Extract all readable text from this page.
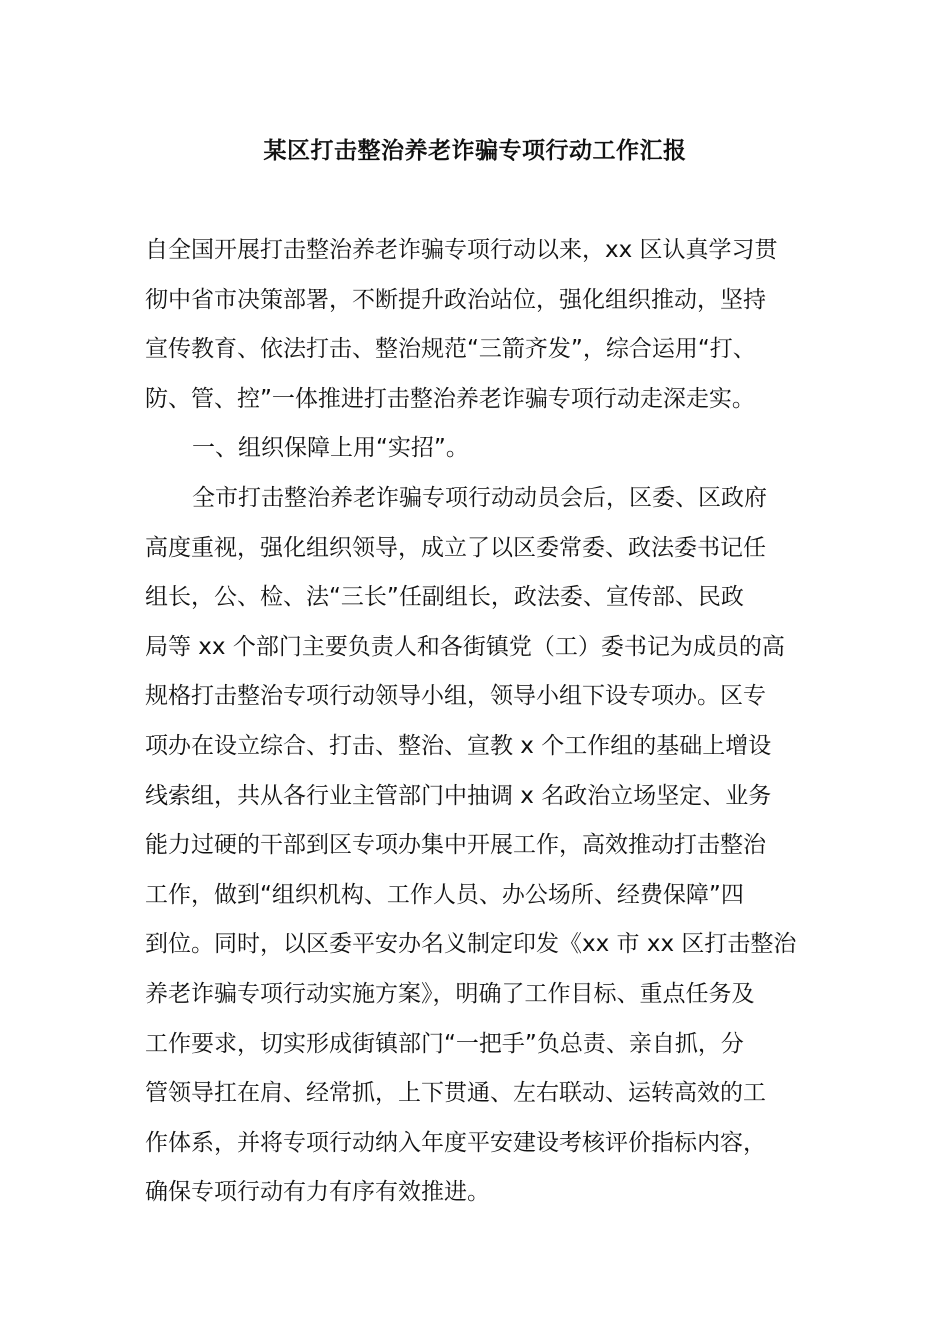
某区打击整治养老诈骗专项行动工作汇报
自全国开展打击整治养老诈骗专项行动以来，xx 区认真学习贯
彻中省市决策部署，不断提升政治站位，强化组织推动，坚持
宣传教育、依法打击、整治规范“三箭齐发”，综合运用“打、
防、管、控”一体推进打击整治养老诈骗专项行动走深走实。
一、组织保障上用“实招”。
全市打击整治养老诈骗专项行动动员会后，区委、区政府
高度重视，强化组织领导，成立了以区委常委、政法委书记任
组长，公、检、法“三长”任副组长，政法委、宣传部、民政
局等 xx 个部门主要负责人和各街镇党（工）委书记为成员的高
规格打击整治专项行动领导小组，领导小组下设专项办。区专
项办在设立综合、打击、整治、宣教 x 个工作组的基础上增设
线索组，共从各行业主管部门中抽调 x 名政治立场坚定、业务
能力过硬的干部到区专项办集中开展工作，高效推动打击整治
工作，做到“组织机构、工作人员、办公场所、经费保障”四
到位。同时，以区委平安办名义制定印发《xx 市 xx 区打击整治
养老诈骗专项行动实施方案》，明确了工作目标、重点任务及
工作要求，切实形成街镇部门“一把手”负总责、亲自抓，分
管领导扛在肩、经常抓，上下贯通、左右联动、运转高效的工
作体系，并将专项行动纳入年度平安建设考核评价指标内容，
确保专项行动有力有序有效推进。
